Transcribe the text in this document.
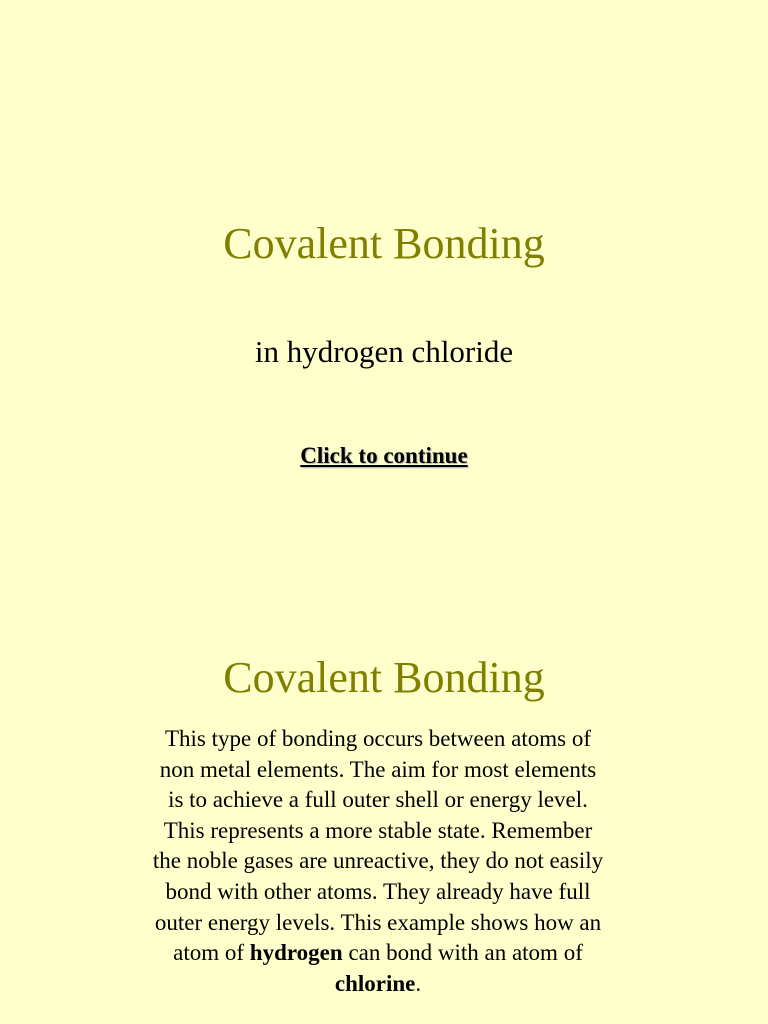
Covalent Bonding

in hydrogen chloride

Click to continue
Covalent Bonding

This type of bonding occurs between atoms of non metal elements. The aim for most elements is to achieve a full outer shell or energy level. This represents a more stable state. Remember the noble gases are unreactive, they do not easily bond with other atoms. They already have full outer energy levels. This example shows how an atom of hydrogen can bond with an atom of chlorine.
